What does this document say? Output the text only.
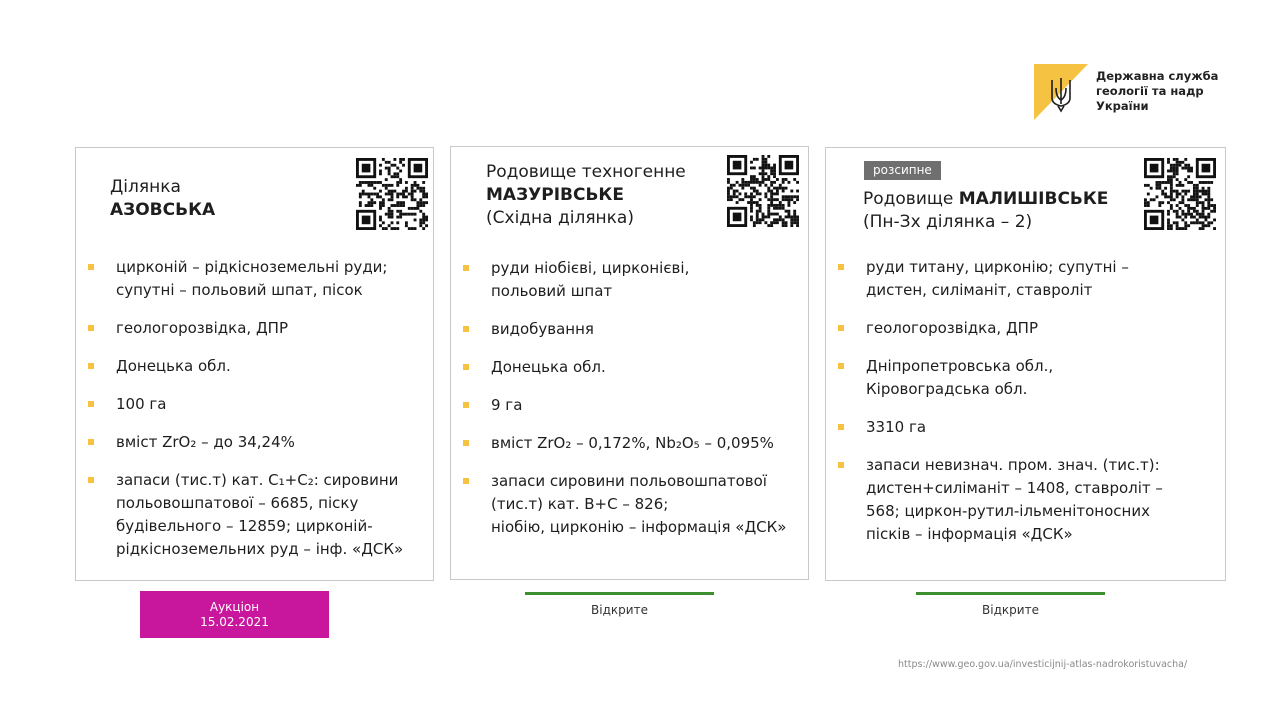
Державна служба
геології та надр
України
Ділянка
АЗОВСЬКА
цирконій – рідкісноземельні руди;
супутні – польовий шпат, пісок
геологорозвідка, ДПР
Донецька обл.
100 га
вміст ZrO₂ – до 34,24%
запаси (тис.т) кат. C₁+C₂: сировини
польовошпатової – 6685, піску
будівельного – 12859; цирконій-
рідкісноземельних руд – інф. «ДСК»
Родовище техногенне
МАЗУРІВСЬКЕ
(Східна ділянка)
руди ніобієві, цирконієві,
польовий шпат
видобування
Донецька обл.
9 га
вміст ZrO₂ – 0,172%, Nb₂O₅ – 0,095%
запаси сировини польовошпатової
(тис.т) кат. B+C – 826;
ніобію, цирконію – інформація «ДСК»
розсипне
Родовище МАЛИШІВСЬКЕ
(Пн-Зх ділянка – 2)
руди титану, цирконію; супутні –
дистен, силіманіт, ставроліт
геологорозвідка, ДПР
Дніпропетровська обл.,
Кіровоградська обл.
3310 га
запаси невизнач. пром. знач. (тис.т):
дистен+силіманіт – 1408, ставроліт –
568; циркон-рутил-ільменітоносних
пісків – інформація «ДСК»
Аукціон
15.02.2021
Відкрите	Відкрите
https://www.geo.gov.ua/investicijnij-atlas-nadrokoristuvacha/
